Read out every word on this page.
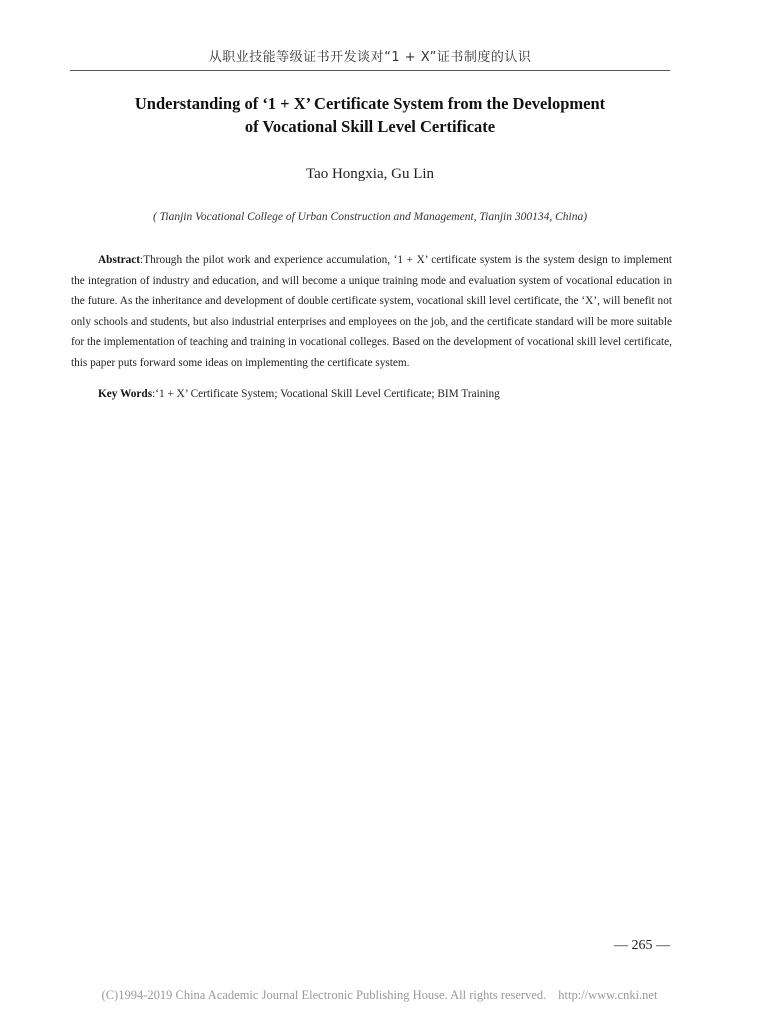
从职业技能等级证书开发谈对“1 + X”证书制度的认识
Understanding of ‘1 + X’ Certificate System from the Development
of Vocational Skill Level Certificate
Tao Hongxia, Gu Lin
( Tianjin Vocational College of Urban Construction and Management, Tianjin 300134, China)

Abstract:Through the pilot work and experience accumulation, ‘1 + X’ certificate system is the system design to implement the integration of industry and education, and will become a unique training mode and evaluation system of vocational education in the future. As the inheritance and development of double certificate system, vocational skill level certificate, the ‘X’, will benefit not only schools and students, but also industrial enterprises and employees on the job, and the certificate standard will be more suitable for the implementation of teaching and training in vocational colleges. Based on the development of vocational skill level certificate, this paper puts forward some ideas on implementing the certificate system.

Key Words:‘1 + X’ Certificate System; Vocational Skill Level Certificate; BIM Training

— 265 —
(C)1994-2019 China Academic Journal Electronic Publishing House. All rights reserved. http://www.cnki.net
